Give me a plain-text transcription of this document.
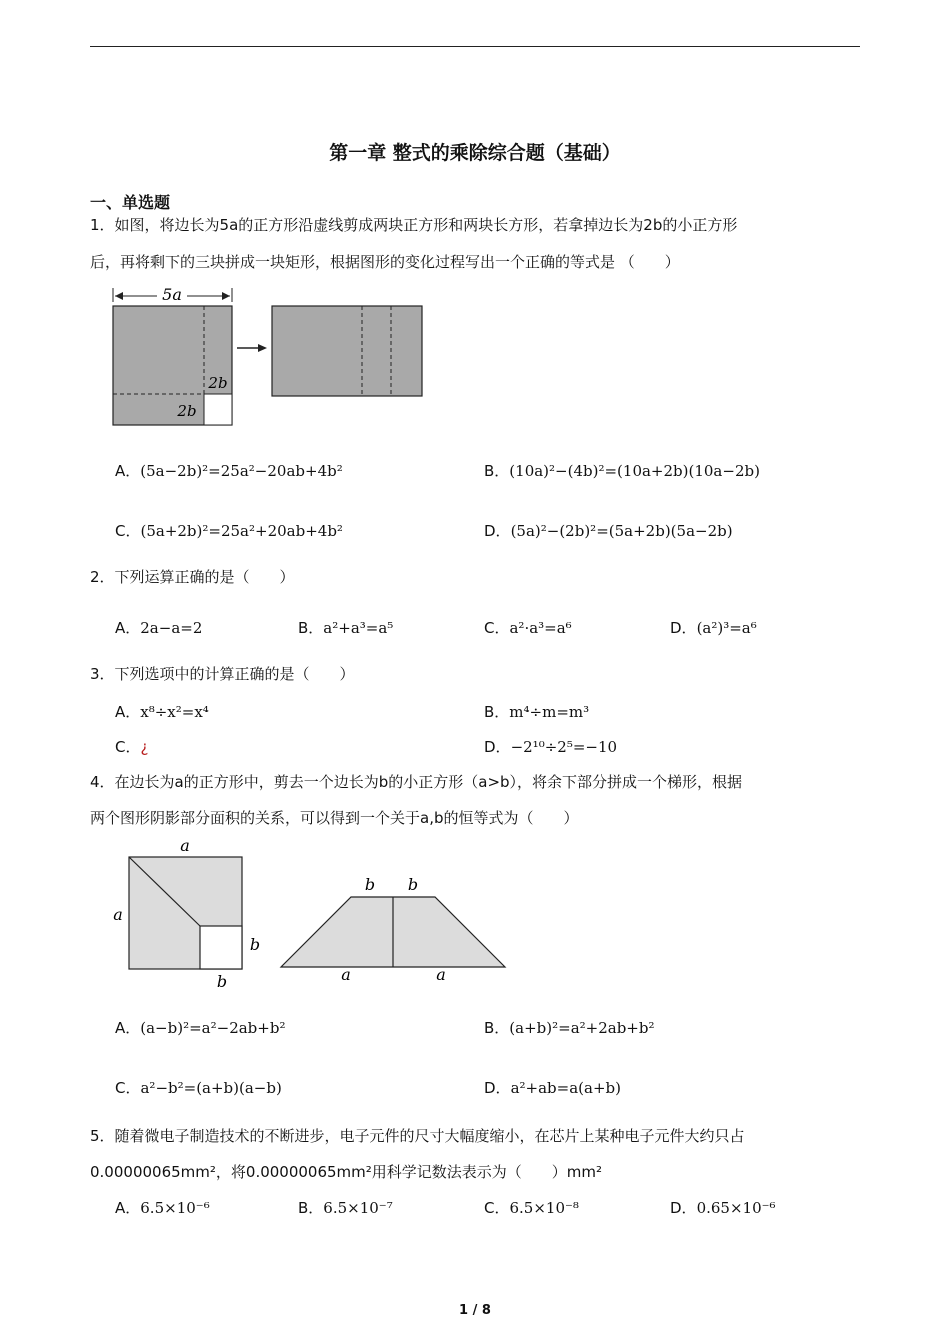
第一章 整式的乘除综合题（基础）
一、单选题
1．如图，将边长为5a的正方形沿虚线剪成两块正方形和两块长方形，若拿掉边长为2b的小正方形
后，再将剩下的三块拼成一块矩形，根据图形的变化过程写出一个正确的等式是 （　　）
5a
2b
2b
A．(5a−2b)²=25a²−20ab+4b²	B．(10a)²−(4b)²=(10a+2b)(10a−2b)
C．(5a+2b)²=25a²+20ab+4b²	D．(5a)²−(2b)²=(5a+2b)(5a−2b)
2．下列运算正确的是（　　）
A．2a−a=2	B．a²+a³=a⁵	C．a²·a³=a⁶	D．(a²)³=a⁶
3．下列选项中的计算正确的是（　　）
A．x⁸÷x²=x⁴	B．m⁴÷m=m³
C．¿	D．−2¹⁰÷2⁵=−10
4．在边长为a的正方形中，剪去一个边长为b的小正方形（a>b），将余下部分拼成一个梯形，根据
两个图形阴影部分面积的关系，可以得到一个关于a,b的恒等式为（　　）
a
a
b
b
b b
a	a
A．(a−b)²=a²−2ab+b²	B．(a+b)²=a²+2ab+b²
C．a²−b²=(a+b)(a−b)	D．a²+ab=a(a+b)
5．随着微电子制造技术的不断进步，电子元件的尺寸大幅度缩小，在芯片上某种电子元件大约只占
0.00000065mm²，将0.00000065mm²用科学记数法表示为（　　）mm²
A．6.5×10⁻⁶	B．6.5×10⁻⁷	C．6.5×10⁻⁸	D．0.65×10⁻⁶
1 / 8
